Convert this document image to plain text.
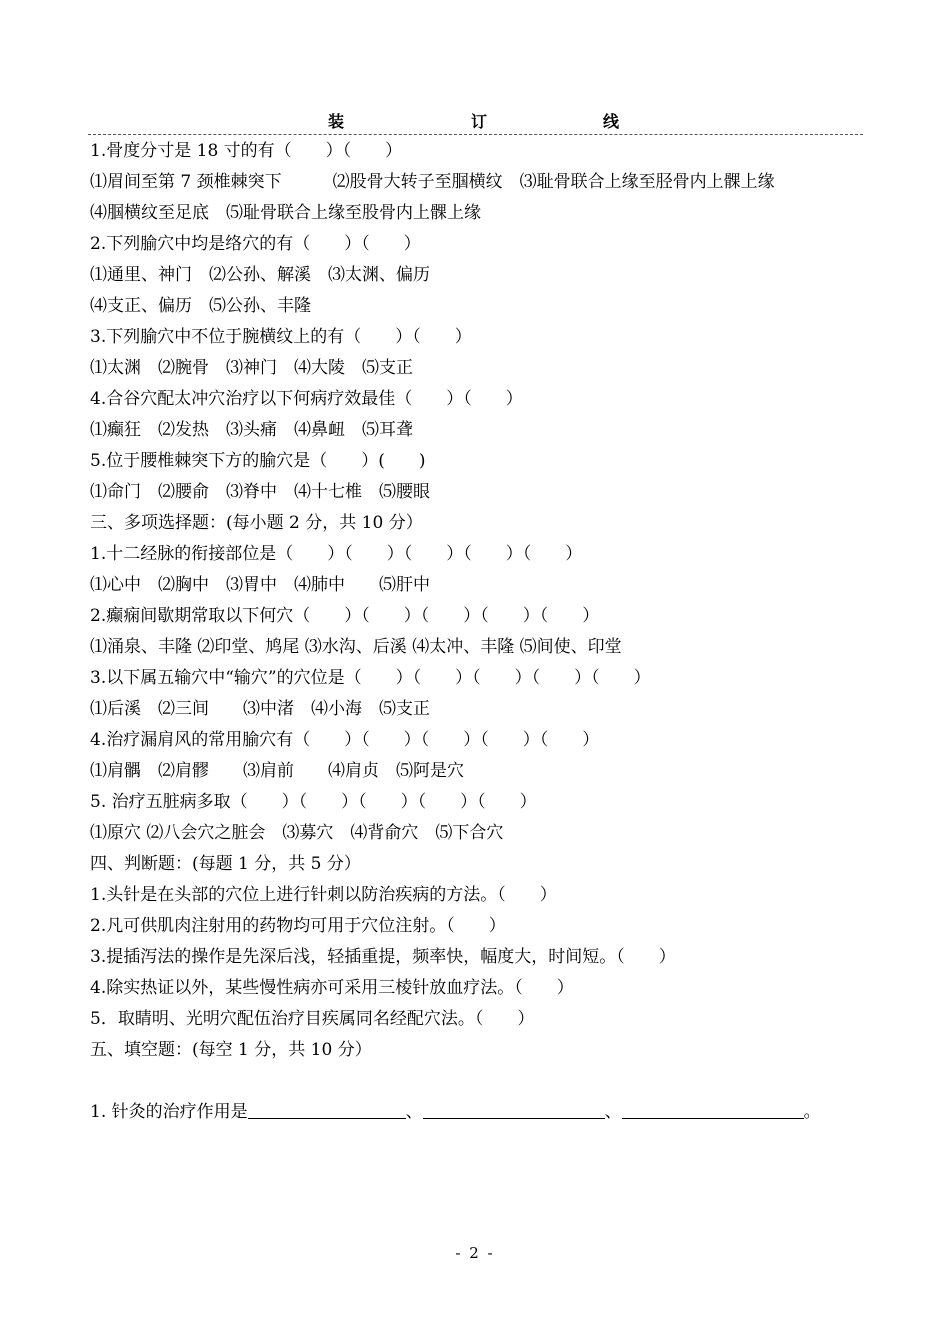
装	订	线
1.骨度分寸是 18 寸的有（　　）（　　）
⑴眉间至第 7 颈椎棘突下　　　⑵股骨大转子至腘横纹　⑶耻骨联合上缘至胫骨内上髁上缘
⑷腘横纹至足底　⑸耻骨联合上缘至股骨内上髁上缘
2.下列腧穴中均是络穴的有（　　）（　　）
⑴通里、神门　⑵公孙、解溪　⑶太渊、偏历
⑷支正、偏历　⑸公孙、丰隆
3.下列腧穴中不位于腕横纹上的有（　　）（　　）
⑴太渊　⑵腕骨　⑶神门　⑷大陵　⑸支正
4.合谷穴配太冲穴治疗以下何病疗效最佳（　　）（　　）
⑴癫狂　⑵发热　⑶头痛　⑷鼻衄　⑸耳聋
5.位于腰椎棘突下方的腧穴是（　　）(　　)
⑴命门　⑵腰俞　⑶脊中　⑷十七椎　⑸腰眼
三、多项选择题：(每小题 2 分，共 10 分）
1.十二经脉的衔接部位是（　　）（　　）（　　）（　　）（　　）
⑴心中　⑵胸中　⑶胃中　⑷肺中　　⑸肝中
2.癫痫间歇期常取以下何穴（　　）（　　）（　　）（　　）（　　）
⑴涌泉、丰隆 ⑵印堂、鸠尾 ⑶水沟、后溪 ⑷太冲、丰隆 ⑸间使、印堂
3.以下属五输穴中“输穴”的穴位是（　　）（　　）（　　）（　　）（　　）
⑴后溪　⑵三间　　⑶中渚　⑷小海　⑸支正
4.治疗漏肩风的常用腧穴有（　　）（　　）（　　）（　　）（　　）
⑴肩髃　⑵肩髎　　⑶肩前　　⑷肩贞　⑸阿是穴
5. 治疗五脏病多取（　　）（　　）（　　）（　　）（　　）
⑴原穴 ⑵八会穴之脏会　⑶募穴　⑷背俞穴　⑸下合穴
四、判断题：(每题 1 分，共 5 分）
1.头针是在头部的穴位上进行针刺以防治疾病的方法。（　　）
2.凡可供肌肉注射用的药物均可用于穴位注射。（　　）
3.提插泻法的操作是先深后浅，轻插重提，频率快，幅度大，时间短。（　　）
4.除实热证以外，某些慢性病亦可采用三棱针放血疗法。（　　）
5．取睛明、光明穴配伍治疗目疾属同名经配穴法。（　　）
五、填空题：(每空 1 分，共 10 分）
1. 针灸的治疗作用是	、	、	。
- 2 -
